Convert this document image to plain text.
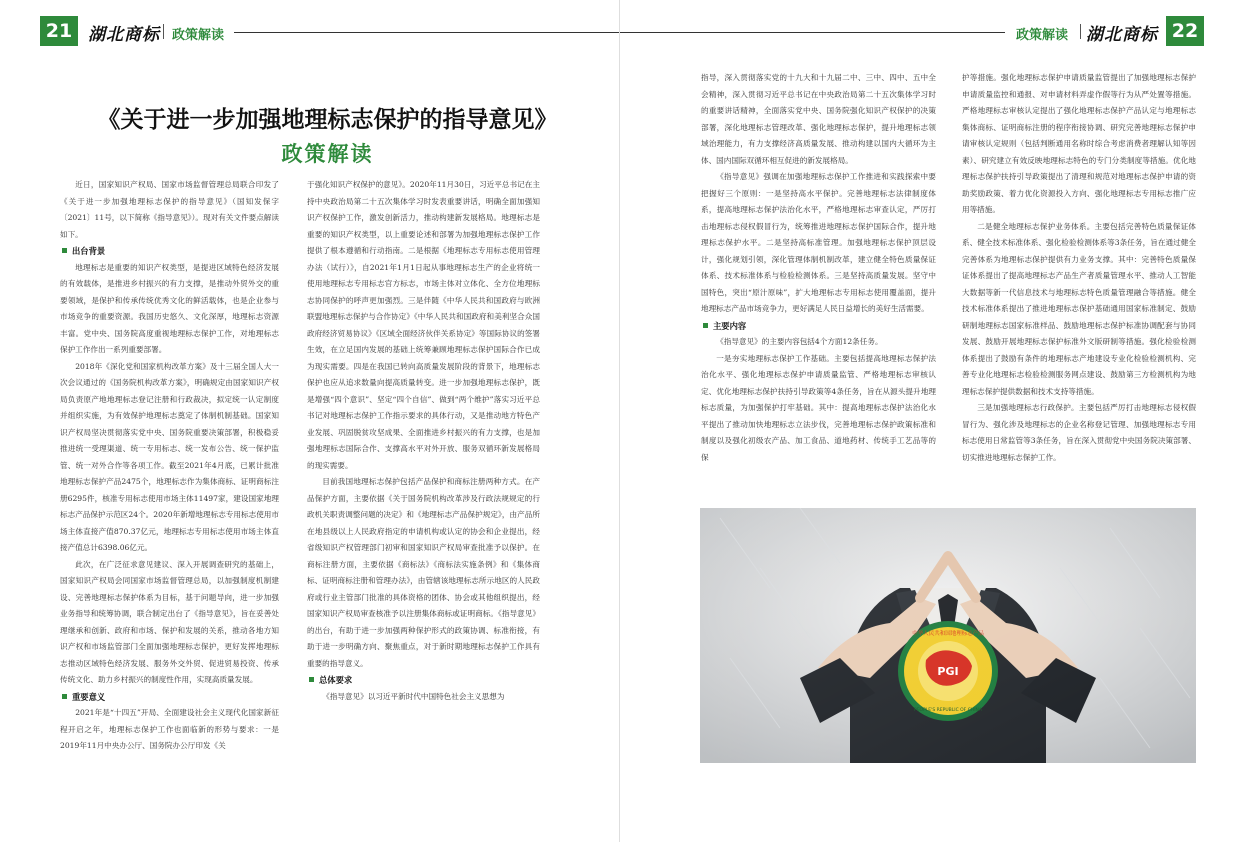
21 湖北商标 政策解读
《关于进一步加强地理标志保护的指导意见》
政策解读

近日，国家知识产权局、国家市场监督管理总局联合印发了《关于进一步加强地理标志保护的指导意见》（国知发保字〔2021〕11号，以下简称《指导意见》）。现对有关文件要点解读如下。

出台背景

地理标志是重要的知识产权类型，是提进区域特色经济发展的有效载体，是推进乡村振兴的有力支撑，是推动外贸外交的重要领域，是保护和传承传统优秀文化的鲜活载体，也是企业参与市场竞争的重要资源。我国历史悠久、文化深厚，地理标志资源丰富。党中央、国务院高度重视地理标志保护工作，对地理标志保护工作作出一系列重要部署。

2018年《深化党和国家机构改革方案》及十三届全国人大一次会议通过的《国务院机构改革方案》，明确规定由国家知识产权局负责原产地地理标志登记注册和行政裁决，拟定统一认定制度并组织实施，为有效保护地理标志奠定了体制机制基础。国家知识产权局坚决贯彻落实党中央、国务院重要决策部署，积极稳妥推进统一受理渠道、统一专用标志、统一发布公告、统一保护监管、统一对外合作等各项工作。截至2021年4月底，已累计批准地理标志保护产品2475个，地理标志作为集体商标、证明商标注册6295件，核准专用标志使用市场主体11497家，建设国家地理标志产品保护示范区24个。2020年新增地理标志专用标志使用市场主体直接产值870.37亿元，地理标志专用标志使用市场主体直接产值总计6398.06亿元。

此次，在广泛征求意见建议、深入开展调查研究的基础上，国家知识产权局会同国家市场监督管理总局，以加强制度机制建设、完善地理标志保护体系为目标，基于问题导向，进一步加强业务指导和统筹协调，联合制定出台了《指导意见》，旨在妥善处理继承和创新、政府和市场、保护和发展的关系，推动各地方知识产权和市场监管部门全面加强地理标志保护，更好发挥地理标志推动区域特色经济发展、服务外交外贸、促进贸易投资、传承传统文化、助力乡村振兴的制度性作用，实现高质量发展。

重要意义

2021年是“十四五”开局、全面建设社会主义现代化国家新征程开启之年，地理标志保护工作也面临新的形势与要求：一是2019年11月中央办公厅、国务院办公厅印发《关

于强化知识产权保护的意见》。2020年11月30日，习近平总书记在主持中央政治局第二十五次集体学习时发表重要讲话，明确全面加强知识产权保护工作，激发创新活力，推动构建新发展格局。地理标志是重要的知识产权类型，以上重要论述和部署为加强地理标志保护工作提供了根本遵循和行动指南。二是根据《地理标志专用标志使用管理办法（试行）》，自2021年1月1日起从事地理标志生产的企业将统一使用地理标志专用标志官方标志，市场主体对立体化、全方位地理标志协同保护的呼声更加强烈。三是伴随《中华人民共和国政府与欧洲联盟地理标志保护与合作协定》《中华人民共和国政府和美利坚合众国政府经济贸易协议》《区域全面经济伙伴关系协定》等国际协议的签署生效，在立足国内发展的基础上统筹兼顾地理标志保护国际合作已成为现实需要。四是在我国已转向高质量发展阶段的背景下，地理标志保护也应从追求数量向提高质量转变。进一步加强地理标志保护，既是增强“四个意识”、坚定“四个自信”、做到“两个维护”落实习近平总书记对地理标志保护工作指示要求的具体行动，又是推动地方特色产业发展、巩固脱贫攻坚成果、全面推进乡村振兴的有力支撑，也是加强地理标志国际合作、支撑高水平对外开放、服务双循环新发展格局的现实需要。

目前我国地理标志保护包括产品保护和商标注册两种方式。在产品保护方面，主要依据《关于国务院机构改革涉及行政法规规定的行政机关职责调整问题的决定》和《地理标志产品保护规定》，由产品所在地县级以上人民政府指定的申请机构或认定的协会和企业提出，经省级知识产权管理部门初审和国家知识产权局审查批准予以保护。在商标注册方面，主要依据《商标法》《商标法实施条例》和《集体商标、证明商标注册和管理办法》，由管辖该地理标志所示地区的人民政府或行业主管部门批准的具体资格的团体、协会或其他组织提出，经国家知识产权局审查核准予以注册集体商标或证明商标。《指导意见》的出台，有助于进一步加强两种保护形式的政策协调、标准衔接，有助于进一步明确方向、聚焦重点，对于新时期地理标志保护工作具有重要的指导意义。

总体要求

《指导意见》以习近平新时代中国特色社会主义思想为

政策解读 湖北商标 22

指导，深入贯彻落实党的十九大和十九届二中、三中、四中、五中全会精神，深入贯彻习近平总书记在中央政治局第二十五次集体学习时的重要讲话精神，全面落实党中央、国务院强化知识产权保护的决策部署，深化地理标志管理改革、强化地理标志保护，提升地理标志领域治理能力，有力支撑经济高质量发展、推动构建以国内大循环为主体、国内国际双循环相互促进的新发展格局。

《指导意见》强调在加强地理标志保护工作推进和实践探索中要把握好三个原则：一是坚持高水平保护。完善地理标志法律制度体系，提高地理标志保护法治化水平，严格地理标志审查认定，严厉打击地理标志侵权假冒行为，统筹推进地理标志保护国际合作，提升地理标志保护水平。二是坚持高标准管理。加强地理标志保护顶层设计，强化规划引领，深化管理体制机制改革，建立健全特色质量保证体系、技术标准体系与检验检测体系。三是坚持高质量发展。坚守中国特色，突出“原汁原味”，扩大地理标志专用标志使用覆盖面，提升地理标志产品市场竞争力，更好满足人民日益增长的美好生活需要。

主要内容

《指导意见》的主要内容包括4个方面12条任务。

一是夯实地理标志保护工作基础。主要包括提高地理标志保护法治化水平、强化地理标志保护申请质量监管、严格地理标志审核认定、优化地理标志保护扶持引导政策等4条任务，旨在从源头提升地理标志质量，为加强保护打牢基础。其中：提高地理标志保护法治化水平提出了推动加快地理标志立法步伐，完善地理标志保护政策标准和制度以及强化初级农产品、加工食品、道地药材、传统手工艺品等的保

护等措施。强化地理标志保护申请质量监管提出了加强地理标志保护申请质量监控和通报、对申请材料弄虚作假等行为从严处置等措施。严格地理标志审核认定提出了强化地理标志保护产品认定与地理标志集体商标、证明商标注册的程序衔接协调、研究完善地理标志保护申请审核认定规则（包括判断通用名称时综合考虑消费者理解认知等因素）、研究建立有效反映地理标志特色的专门分类制度等措施。优化地理标志保护扶持引导政策提出了清理和规范对地理标志保护申请的资助奖励政策、着力优化资源投入方向、强化地理标志专用标志推广应用等措施。

二是健全地理标志保护业务体系。主要包括完善特色质量保证体系、健全技术标准体系、强化检验检测体系等3条任务，旨在通过健全完善体系为地理标志保护提供有力业务支撑。其中：完善特色质量保证体系提出了提高地理标志产品生产者质量管理水平、推动人工智能大数据等新一代信息技术与地理标志特色质量管理融合等措施。健全技术标准体系提出了推进地理标志保护基础通用国家标准制定、鼓励研制地理标志国家标准样品、鼓励地理标志保护标准协调配套与协同发展、鼓励开展地理标志保护标准外文版研制等措施。强化检验检测体系提出了鼓励有条件的地理标志产地建设专业化检验检测机构、完善专业化地理标志检验检测服务网点建设、鼓励第三方检测机构为地理标志保护提供数据和技术支持等措施。

三是加强地理标志行政保护。主要包括严厉打击地理标志侵权假冒行为、强化涉及地理标志的企业名称登记管理、加强地理标志专用标志使用日常监管等3条任务，旨在深入贯彻党中央国务院决策部署、切实推进地理标志保护工作。

PGI
中华人民共和国地理标志产品
PEOPLE'S REPUBLIC OF CHINA
